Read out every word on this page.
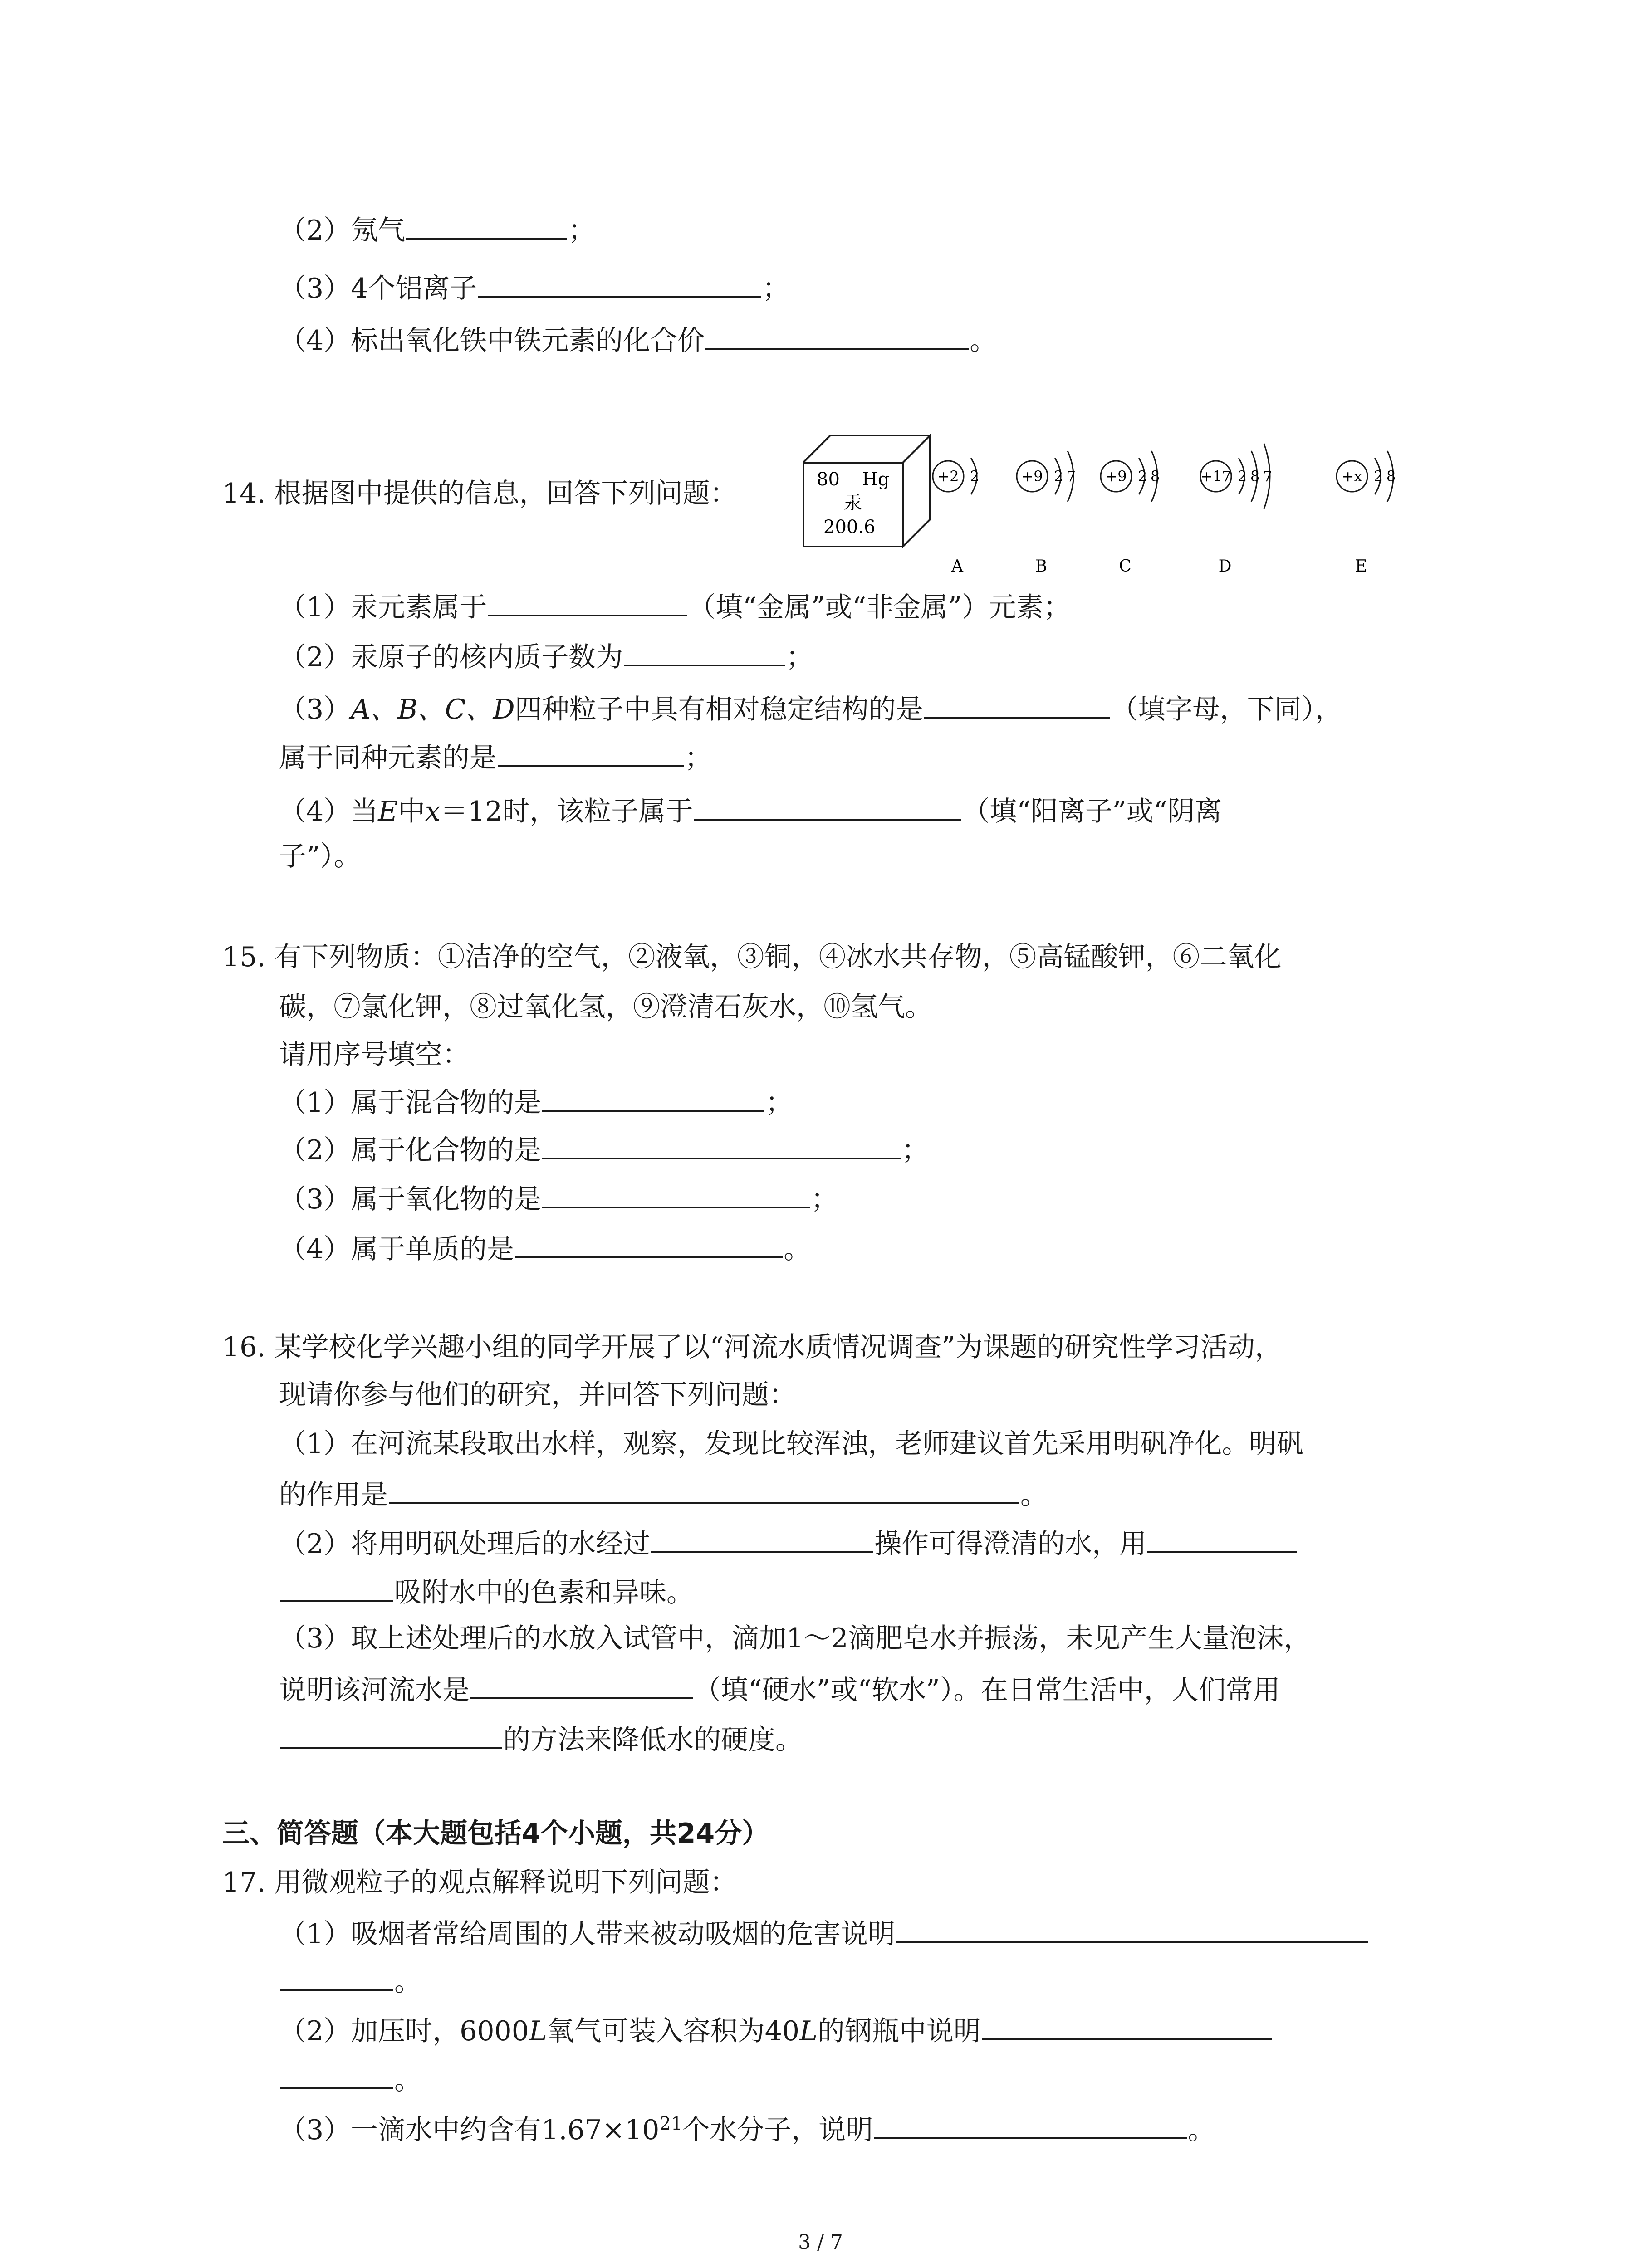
（2）氖气	；
（3）4个铝离子	；
（4）标出氧化铁中铁元素的化合价	。
14. 根据图中提供的信息，回答下列问题：	80 Hg
汞
200.6
+2 2
A
+9 2 7
B
+9 2 8
C
+17 2 8 7
D
+x 2 8
E
（1）汞元素属于	（填“金属”或“非金属”）元素；
（2）汞原子的核内质子数为	；
（3）A、B、C、D四种粒子中具有相对稳定结构的是	（填字母，下同），
属于同种元素的是	；
（4）当E中x＝12时，该粒子属于	（填“阳离子”或“阴离
子”）。
15. 有下列物质：①洁净的空气，②液氧，③铜，④冰水共存物，⑤高锰酸钾，⑥二氧化
碳，⑦氯化钾，⑧过氧化氢，⑨澄清石灰水，⑩氢气。
请用序号填空：
（1）属于混合物的是	；
（2）属于化合物的是	；
（3）属于氧化物的是	；
（4）属于单质的是	。
16. 某学校化学兴趣小组的同学开展了以“河流水质情况调查”为课题的研究性学习活动，
现请你参与他们的研究，并回答下列问题：
（1）在河流某段取出水样，观察，发现比较浑浊，老师建议首先采用明矾净化。明矾
的作用是	。
（2）将用明矾处理后的水经过	操作可得澄清的水，用
吸附水中的色素和异味。
（3）取上述处理后的水放入试管中，滴加1～2滴肥皂水并振荡，未见产生大量泡沫，
说明该河流水是	（填“硬水”或“软水”）。在日常生活中，人们常用
的方法来降低水的硬度。
三、简答题（本大题包括4个小题，共24分）
17. 用微观粒子的观点解释说明下列问题：
（1）吸烟者常给周围的人带来被动吸烟的危害说明
。
（2）加压时，6000L氧气可装入容积为40L的钢瓶中说明
。
（3）一滴水中约含有$1.67\times 10^{21}$个水分子，说明	。
3 / 7
